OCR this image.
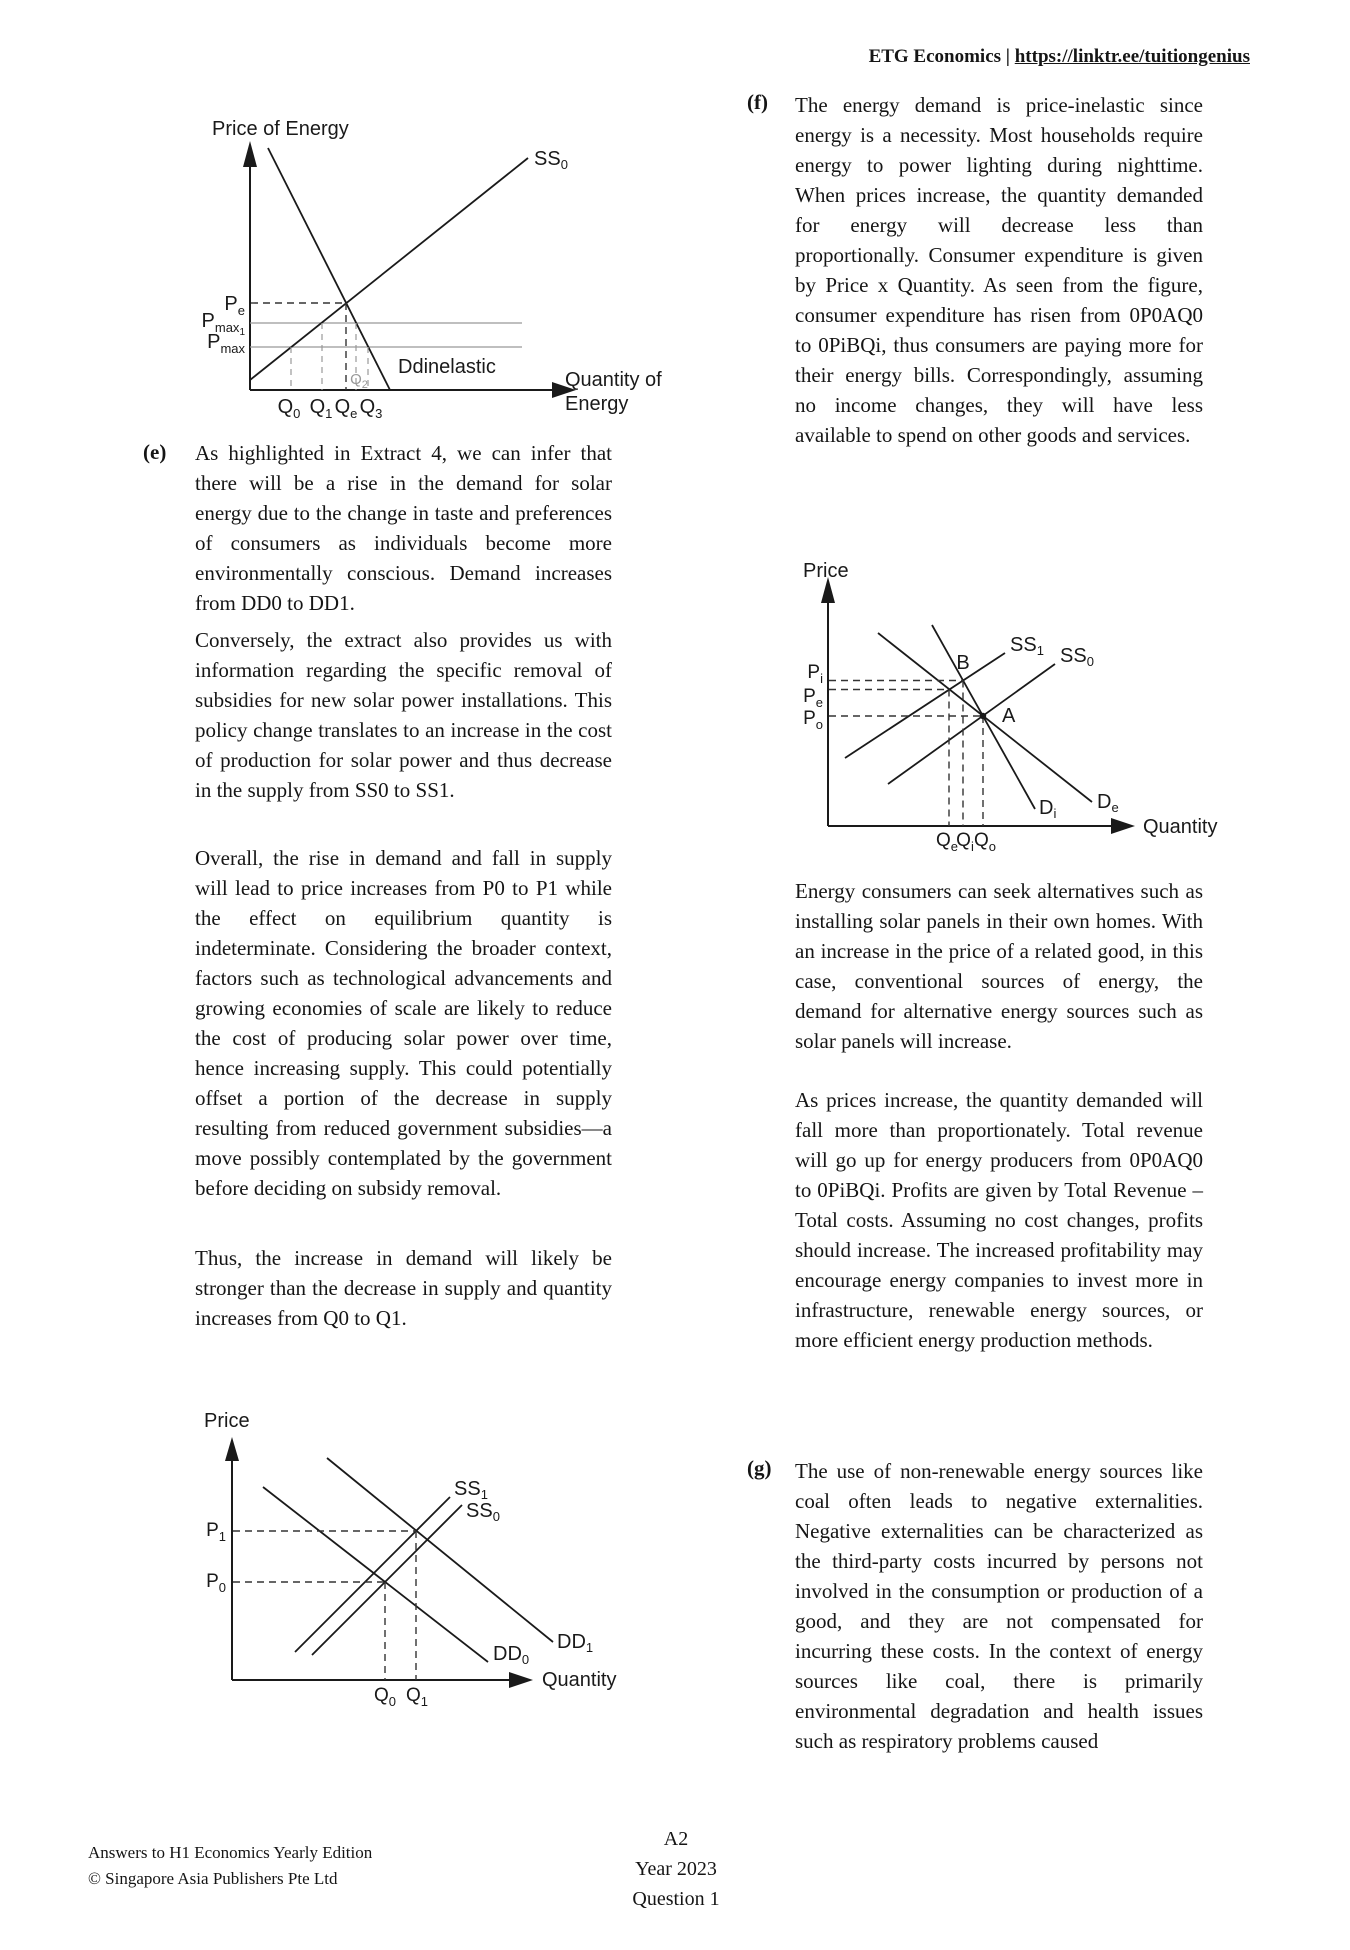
ETG Economics | https://linktr.ee/tuitiongenius
Price of Energy
$SS_0$
Ddinelastic
$P_e$
$P_{max}1$
$P_{max}$
$Q_2$
$Q_0$ $Q_1$ $Q_e$ $Q_3$
Quantity of
Energy
(e) As highlighted in Extract 4, we can infer that there will be a rise in the demand for solar energy due to the change in taste and preferences of consumers as individuals become more environmentally conscious. Demand increases from DD0 to DD1.

Conversely, the extract also provides us with information regarding the specific removal of subsidies for new solar power installations. This policy change translates to an increase in the cost of production for solar power and thus decrease in the supply from SS0 to SS1.

Overall, the rise in demand and fall in supply will lead to price increases from P0 to P1 while the effect on equilibrium quantity is indeterminate. Considering the broader context, factors such as technological advancements and growing economies of scale are likely to reduce the cost of producing solar power over time, hence increasing supply. This could potentially offset a portion of the decrease in supply resulting from reduced government subsidies—a move possibly contemplated by the government before deciding on subsidy removal.

Thus, the increase in demand will likely be stronger than the decrease in supply and quantity increases from Q0 to Q1.

Price
Quantity
$SS_1$
$SS_0$
$DD_1$
$DD_0$
$P_1$
$P_0$
$Q_0$ $Q_1$
(f) The energy demand is price-inelastic since energy is a necessity. Most households require energy to power lighting during nighttime. When prices increase, the quantity demanded for energy will decrease less than proportionally. Consumer expenditure is given by Price x Quantity. As seen from the figure, consumer expenditure has risen from 0P0AQ0 to 0PiBQi, thus consumers are paying more for their energy bills. Correspondingly, assuming no income changes, they will have less available to spend on other goods and services.

Price
Quantity
$SS_1$ $SS_0$
$D_i$
$D_e$
B
A
$P_i$
$P_e$
$P_o$
$Q_e$
$Q_i$ $Q_o$

Energy consumers can seek alternatives such as installing solar panels in their own homes. With an increase in the price of a related good, in this case, conventional sources of energy, the demand for alternative energy sources such as solar panels will increase.

As prices increase, the quantity demanded will fall more than proportionately. Total revenue will go up for energy producers from 0P0AQ0 to 0PiBQi. Profits are given by Total Revenue – Total costs. Assuming no cost changes, profits should increase. The increased profitability may encourage energy companies to invest more in infrastructure, renewable energy sources, or more efficient energy production methods.

(g) The use of non-renewable energy sources like coal often leads to negative externalities. Negative externalities can be characterized as the third-party costs incurred by persons not involved in the consumption or production of a good, and they are not compensated for incurring these costs. In the context of energy sources like coal, there is primarily environmental degradation and health issues such as respiratory problems caused

Answers to H1 Economics Yearly Edition
© Singapore Asia Publishers Pte Ltd
A2
Year 2023
Question 1
